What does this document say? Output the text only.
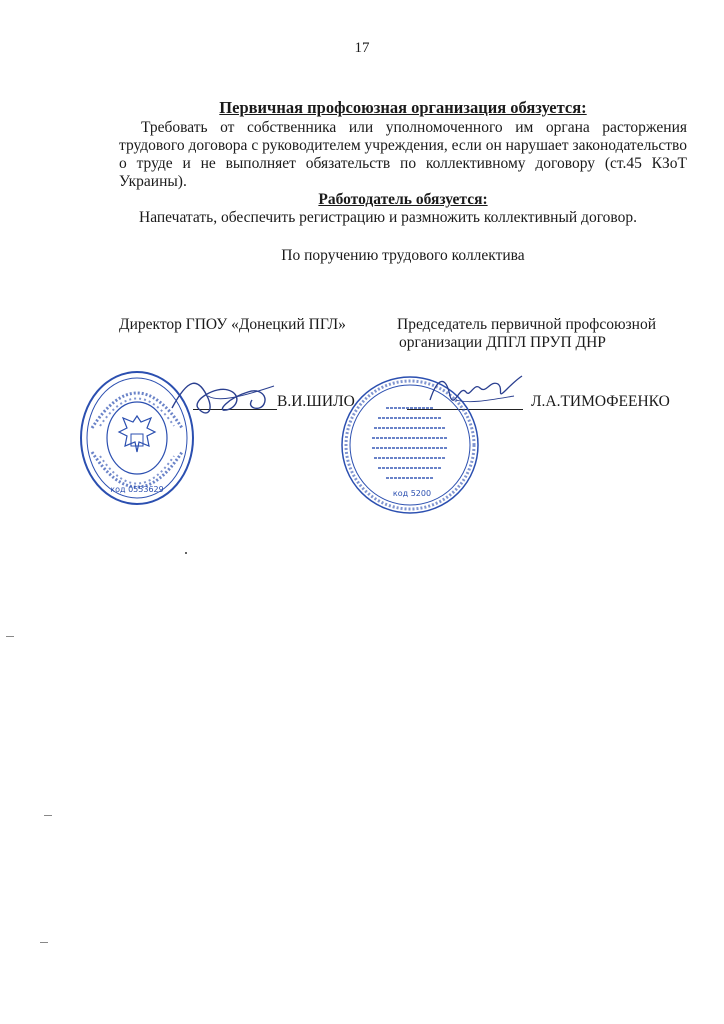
17

Первичная профсоюзная организация обязуется:

Требовать от собственника или уполномоченного им органа расторжения трудового договора с руководителем учреждения, если он нарушает законодательство о труде и не выполняет обязательств по коллективному договору (ст.45 КЗоТ Украины).

Работодатель обязуется:

Напечатать, обеспечить регистрацию и размножить коллективный договор.

По поручению трудового коллектива

Директор ГПОУ «Донецкий ПГЛ»	Председатель первичной профсоюзной
организации ДПГЛ ПРУП ДНР
В.И.ШИЛО	Л.А.ТИМОФЕЕНКО
код 0553629	код 5200
